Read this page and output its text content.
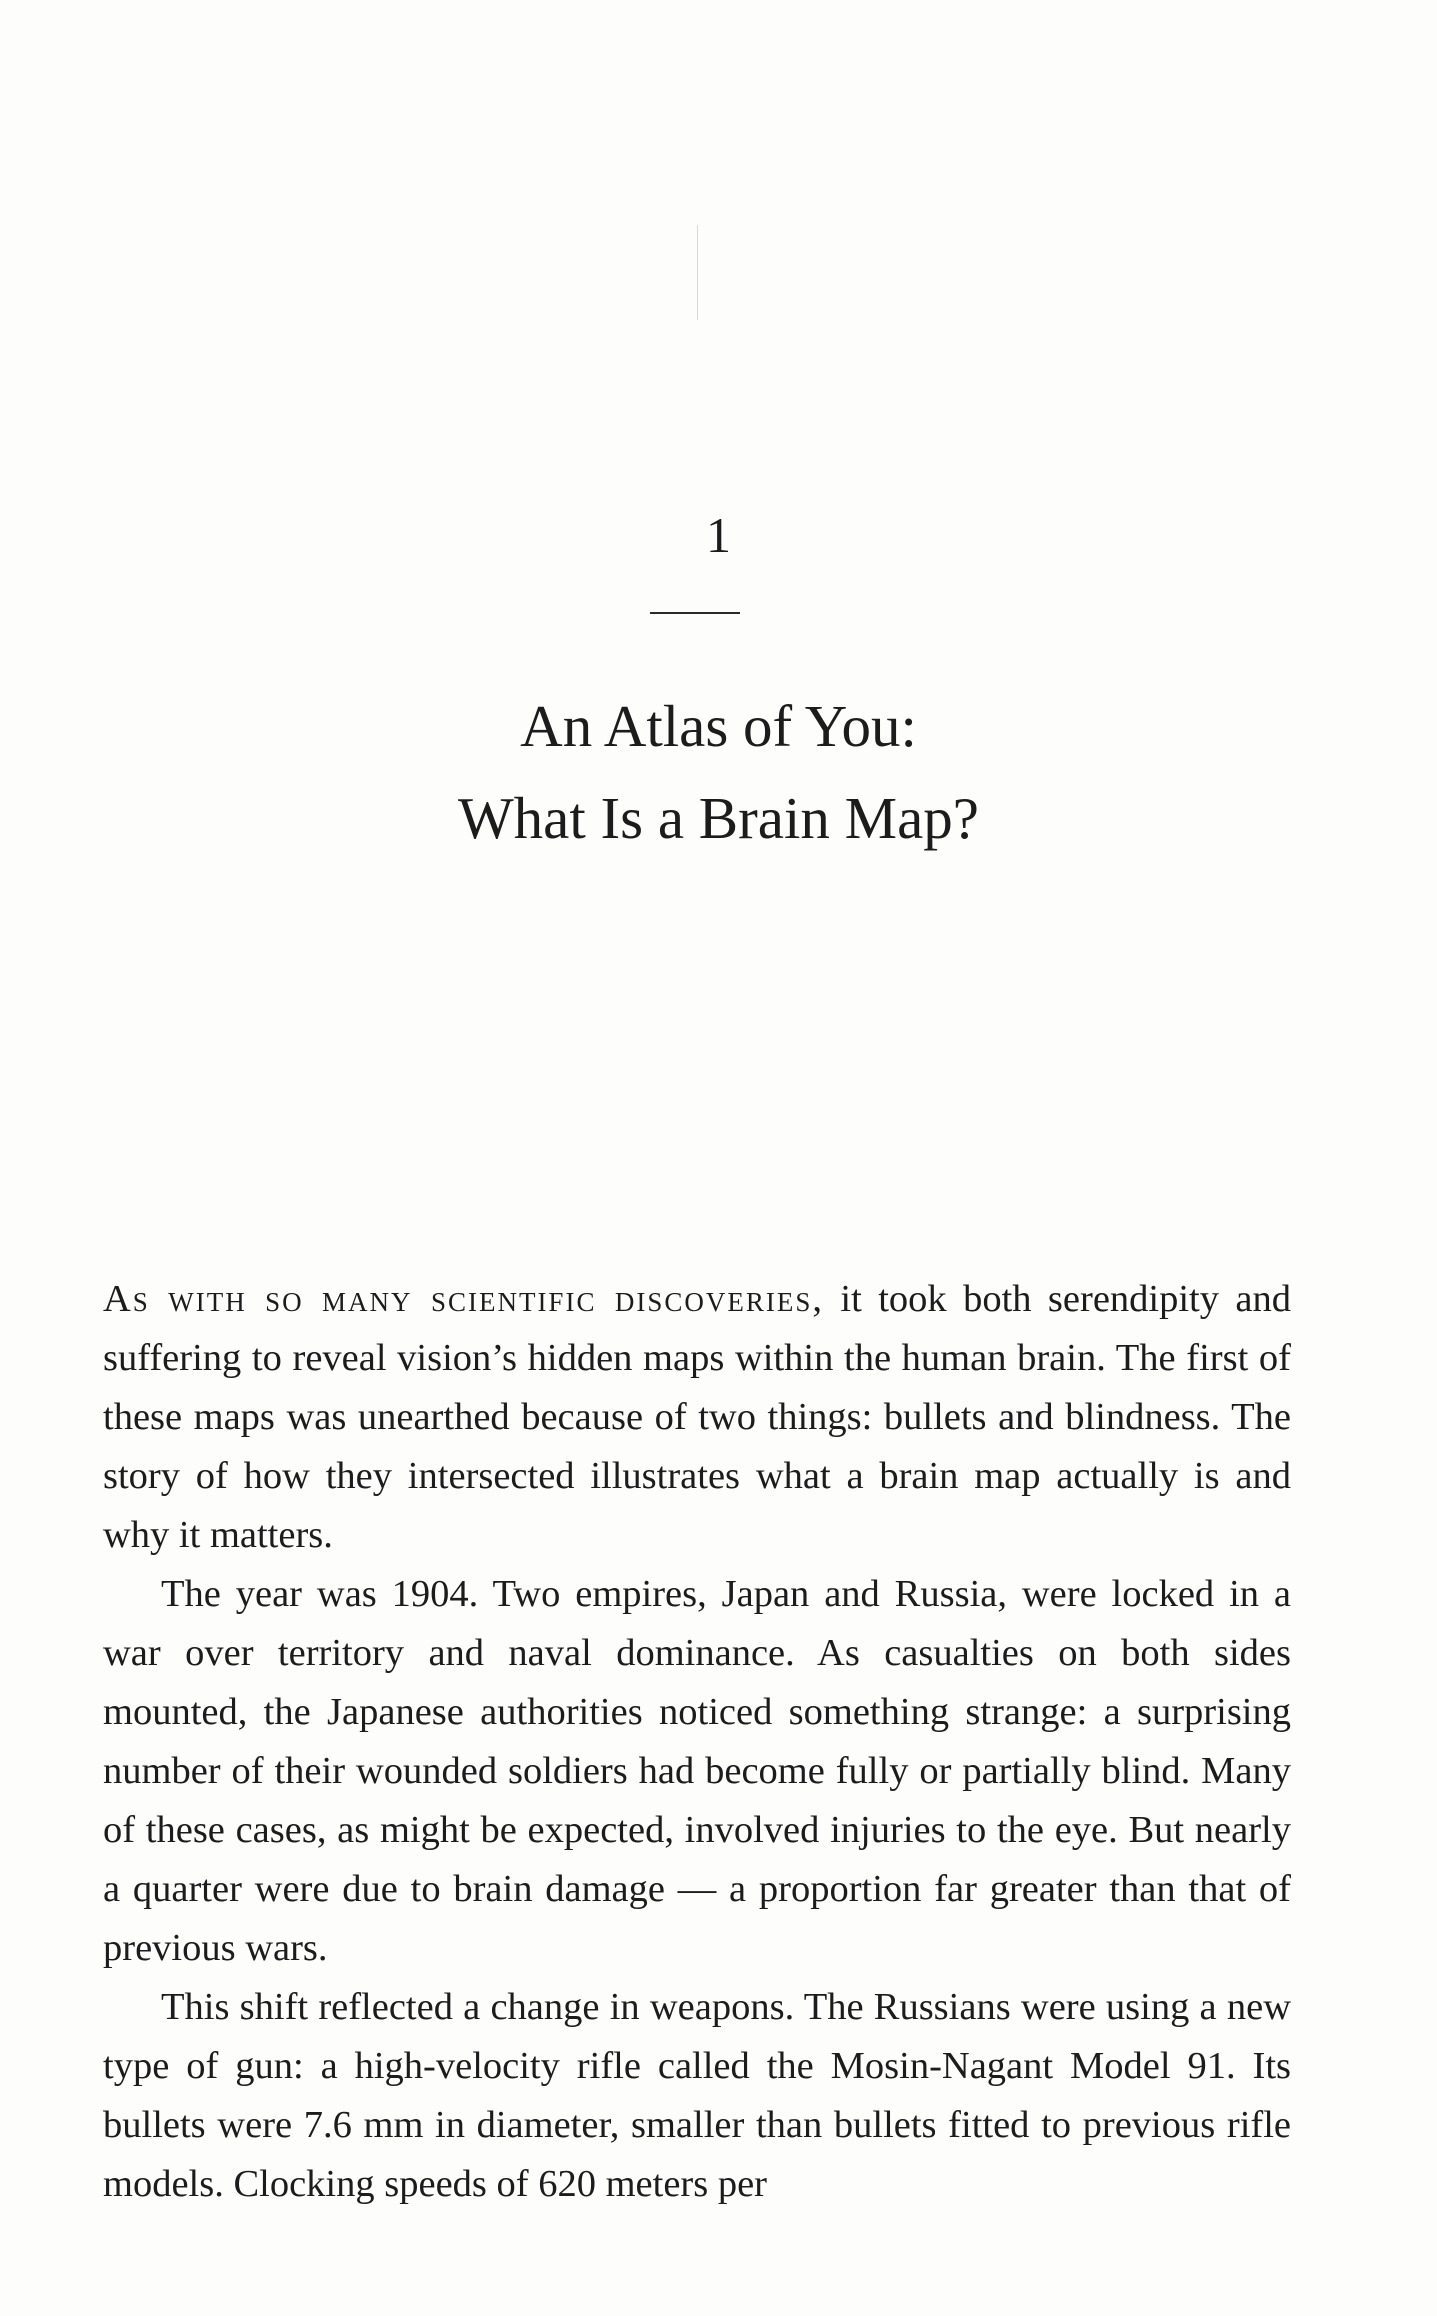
1
An Atlas of You:
What Is a Brain Map?

As with so many scientific discoveries, it took both serendipity and suffering to reveal vision’s hidden maps within the human brain. The first of these maps was unearthed because of two things: bullets and blindness. The story of how they intersected illustrates what a brain map actually is and why it matters.

The year was 1904. Two empires, Japan and Russia, were locked in a war over territory and naval dominance. As casualties on both sides mounted, the Japanese authorities noticed something strange: a surprising number of their wounded soldiers had become fully or partially blind. Many of these cases, as might be expected, involved injuries to the eye. But nearly a quarter were due to brain damage — a proportion far greater than that of previous wars.

This shift reflected a change in weapons. The Russians were using a new type of gun: a high-velocity rifle called the Mosin-Nagant Model 91. Its bullets were 7.6 mm in diameter, smaller than bullets fitted to previous rifle models. Clocking speeds of 620 meters per
